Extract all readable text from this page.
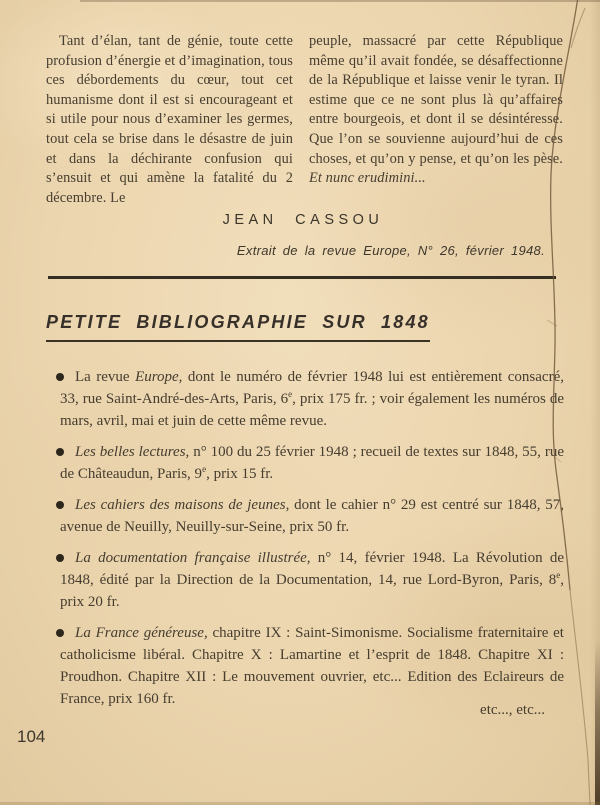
Tant d’élan, tant de génie, toute cette profusion d’énergie et d’imagination, tous ces débordements du cœur, tout cet humanisme dont il est si encourageant et si utile pour nous d’examiner les germes, tout cela se brise dans le désastre de juin et dans la déchirante confusion qui s’ensuit et qui amène la fatalité du 2 décembre. Le

peuple, massacré par cette République même qu’il avait fondée, se désaffectionne de la République et laisse venir le tyran. Il estime que ce ne sont plus là qu’affaires entre bourgeois, et dont il se désintéresse. Que l’on se souvienne aujourd’hui de ces choses, et qu’on y pense, et qu’on les pèse. Et nunc erudimini...

JEAN CASSOU
Extrait de la revue Europe, N° 26, février 1948.
PETITE BIBLIOGRAPHIE SUR 1848
La revue Europe, dont le numéro de février 1948 lui est entièrement consacré, 33, rue Saint-André-des-Arts, Paris, 6e, prix 175 fr. ; voir également les numéros de mars, avril, mai et juin de cette même revue.
Les belles lectures, n° 100 du 25 février 1948 ; recueil de textes sur 1848, 55, rue de Châteaudun, Paris, 9e, prix 15 fr.
Les cahiers des maisons de jeunes, dont le cahier n° 29 est centré sur 1848, 57, avenue de Neuilly, Neuilly-sur-Seine, prix 50 fr.
La documentation française illustrée, n° 14, février 1948. La Révolution de 1848, édité par la Direction de la Documentation, 14, rue Lord-Byron, Paris, 8e, prix 20 fr.
La France généreuse, chapitre IX : Saint-Simonisme. Socialisme fraternitaire et catholicisme libéral. Chapitre X : Lamartine et l’esprit de 1848. Chapitre XI : Proudhon. Chapitre XII : Le mouvement ouvrier, etc... Edition des Eclaireurs de France, prix 160 fr.
etc..., etc...
104
